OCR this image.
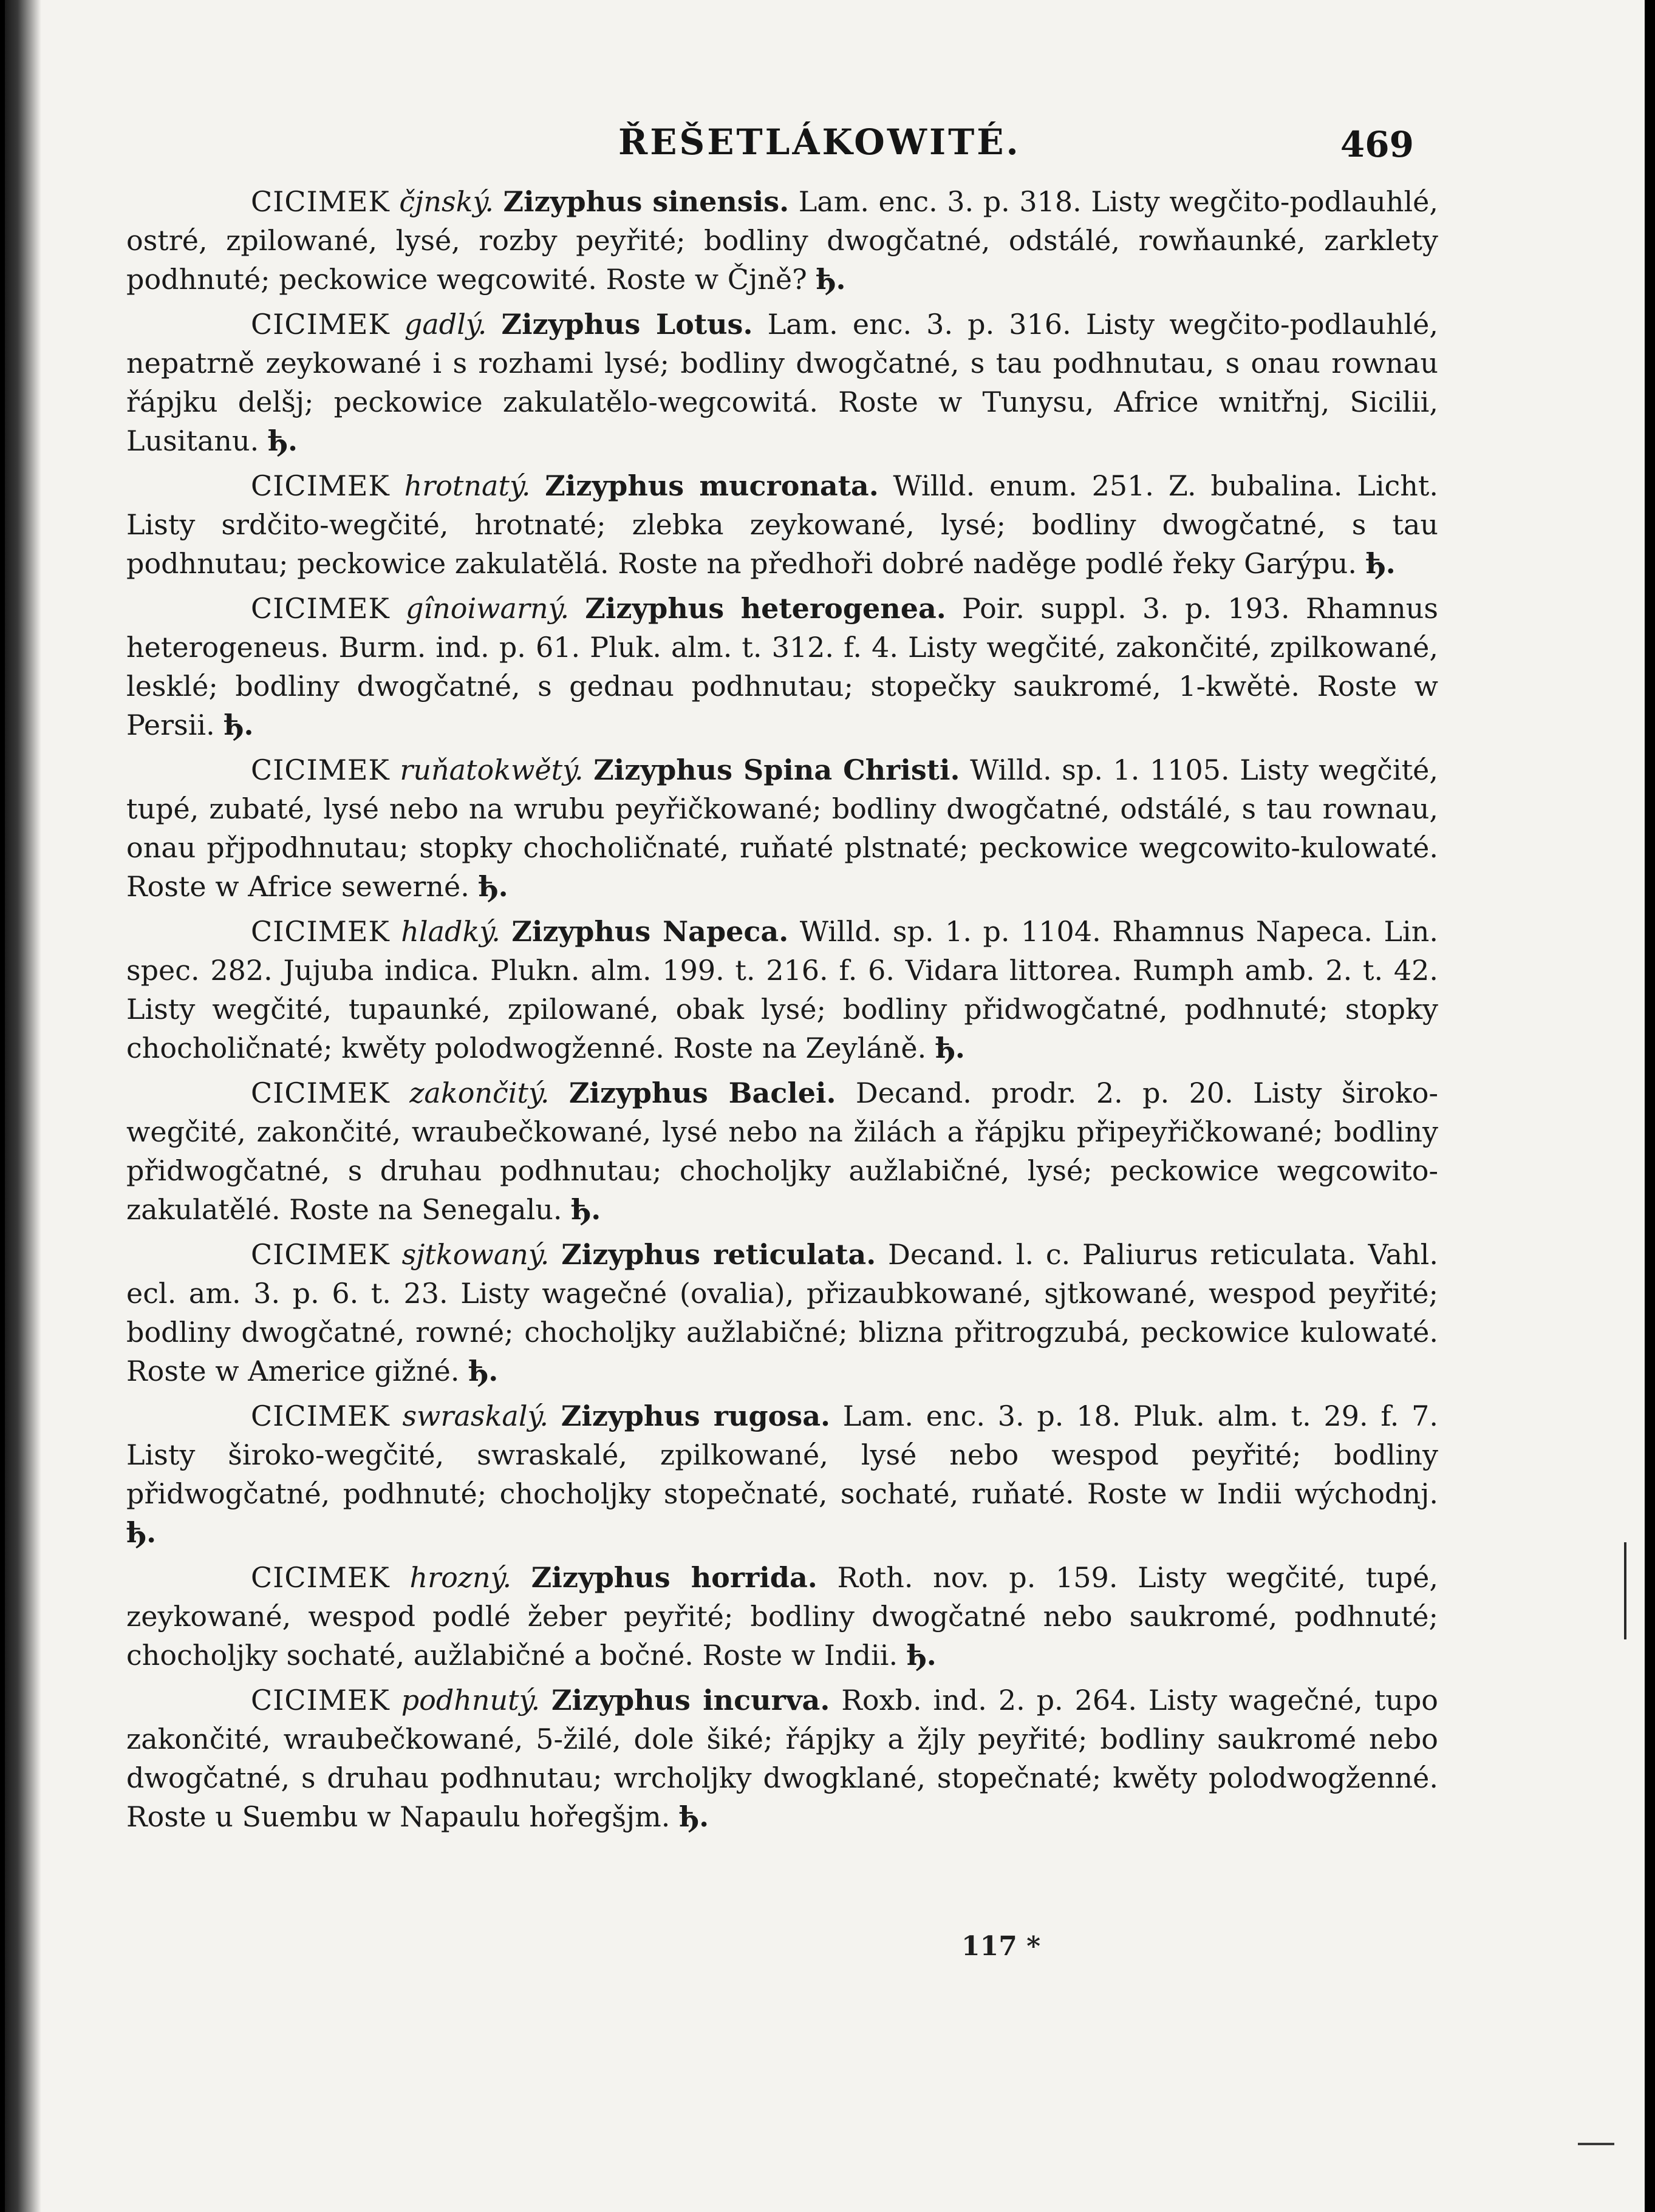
ŘEŠETLÁKOWITÉ.	469

CICIMEK čjnský. Zizyphus sinensis. Lam. enc. 3. p. 318. Listy wegčito-podlauhlé, ostré, zpilowané, lysé, rozby peyřité; bodliny dwogčatné, odstálé, rowňaunké, zarklety podhnuté; peckowice wegcowité. Roste w Čjně? ђ.

CICIMEK gadlý. Zizyphus Lotus. Lam. enc. 3. p. 316. Listy wegčito-podlauhlé, nepatrně zeykowané i s rozhami lysé; bodliny dwogčatné, s tau podhnutau, s onau rownau řápjku delšj; peckowice zakulatělo-wegcowitá. Roste w Tunysu, Africe wnitřnj, Sicilii, Lusitanu. ђ.

CICIMEK hrotnatý. Zizyphus mucronata. Willd. enum. 251. Z. bubalina. Licht. Listy srdčito-wegčité, hrotnaté; zlebka zeykowané, lysé; bodliny dwogčatné, s tau podhnutau; peckowice zakulatělá. Roste na předhoři dobré naděge podlé řeky Garýpu. ђ.

CICIMEK gînoiwarný. Zizyphus heterogenea. Poir. suppl. 3. p. 193. Rhamnus heterogeneus. Burm. ind. p. 61. Pluk. alm. t. 312. f. 4. Listy wegčité, zakončité, zpilkowané, lesklé; bodliny dwogčatné, s gednau podhnutau; stopečky saukromé, 1-kwětė. Roste w Persii. ђ.

CICIMEK ruňatokwětý. Zizyphus Spina Christi. Willd. sp. 1. 1105. Listy wegčité, tupé, zubaté, lysé nebo na wrubu peyřičkowané; bodliny dwogčatné, odstálé, s tau rownau, onau přjpodhnutau; stopky chocholičnaté, ruňaté plstnaté; peckowice wegcowito-kulowaté. Roste w Africe sewerné. ђ.

CICIMEK hladký. Zizyphus Napeca. Willd. sp. 1. p. 1104. Rhamnus Napeca. Lin. spec. 282. Jujuba indica. Plukn. alm. 199. t. 216. f. 6. Vidara littorea. Rumph amb. 2. t. 42. Listy wegčité, tupaunké, zpilowané, obak lysé; bodliny přidwogčatné, podhnuté; stopky chocholičnaté; kwěty polodwogženné. Roste na Zeyláně. ђ.

CICIMEK zakončitý. Zizyphus Baclei. Decand. prodr. 2. p. 20. Listy široko-wegčité, zakončité, wraubečkowané, lysé nebo na žilách a řápjku připeyřičkowané; bodliny přidwogčatné, s druhau podhnutau; chocholjky aužlabičné, lysé; peckowice wegcowito-zakulatělé. Roste na Senegalu. ђ.

CICIMEK sjtkowaný. Zizyphus reticulata. Decand. l. c. Paliurus reticulata. Vahl. ecl. am. 3. p. 6. t. 23. Listy wagečné (ovalia), přizaubkowané, sjtkowané, wespod peyřité; bodliny dwogčatné, rowné; chocholjky aužlabičné; blizna přitrogzubá, peckowice kulowaté. Roste w Americe gižné. ђ.

CICIMEK swraskalý. Zizyphus rugosa. Lam. enc. 3. p. 18. Pluk. alm. t. 29. f. 7. Listy široko-wegčité, swraskalé, zpilkowané, lysé nebo wespod peyřité; bodliny přidwogčatné, podhnuté; chocholjky stopečnaté, sochaté, ruňaté. Roste w Indii wýchodnj. ђ.

CICIMEK hrozný. Zizyphus horrida. Roth. nov. p. 159. Listy wegčité, tupé, zeykowané, wespod podlé žeber peyřité; bodliny dwogčatné nebo saukromé, podhnuté; chocholjky sochaté, aužlabičné a bočné. Roste w Indii. ђ.

CICIMEK podhnutý. Zizyphus incurva. Roxb. ind. 2. p. 264. Listy wagečné, tupo zakončité, wraubečkowané, 5-žilé, dole šiké; řápjky a žjly peyřité; bodliny saukromé nebo dwogčatné, s druhau podhnutau; wrcholjky dwogklané, stopečnaté; kwěty polodwogženné. Roste u Suembu w Napaulu hořegšjm. ђ.

117 *
